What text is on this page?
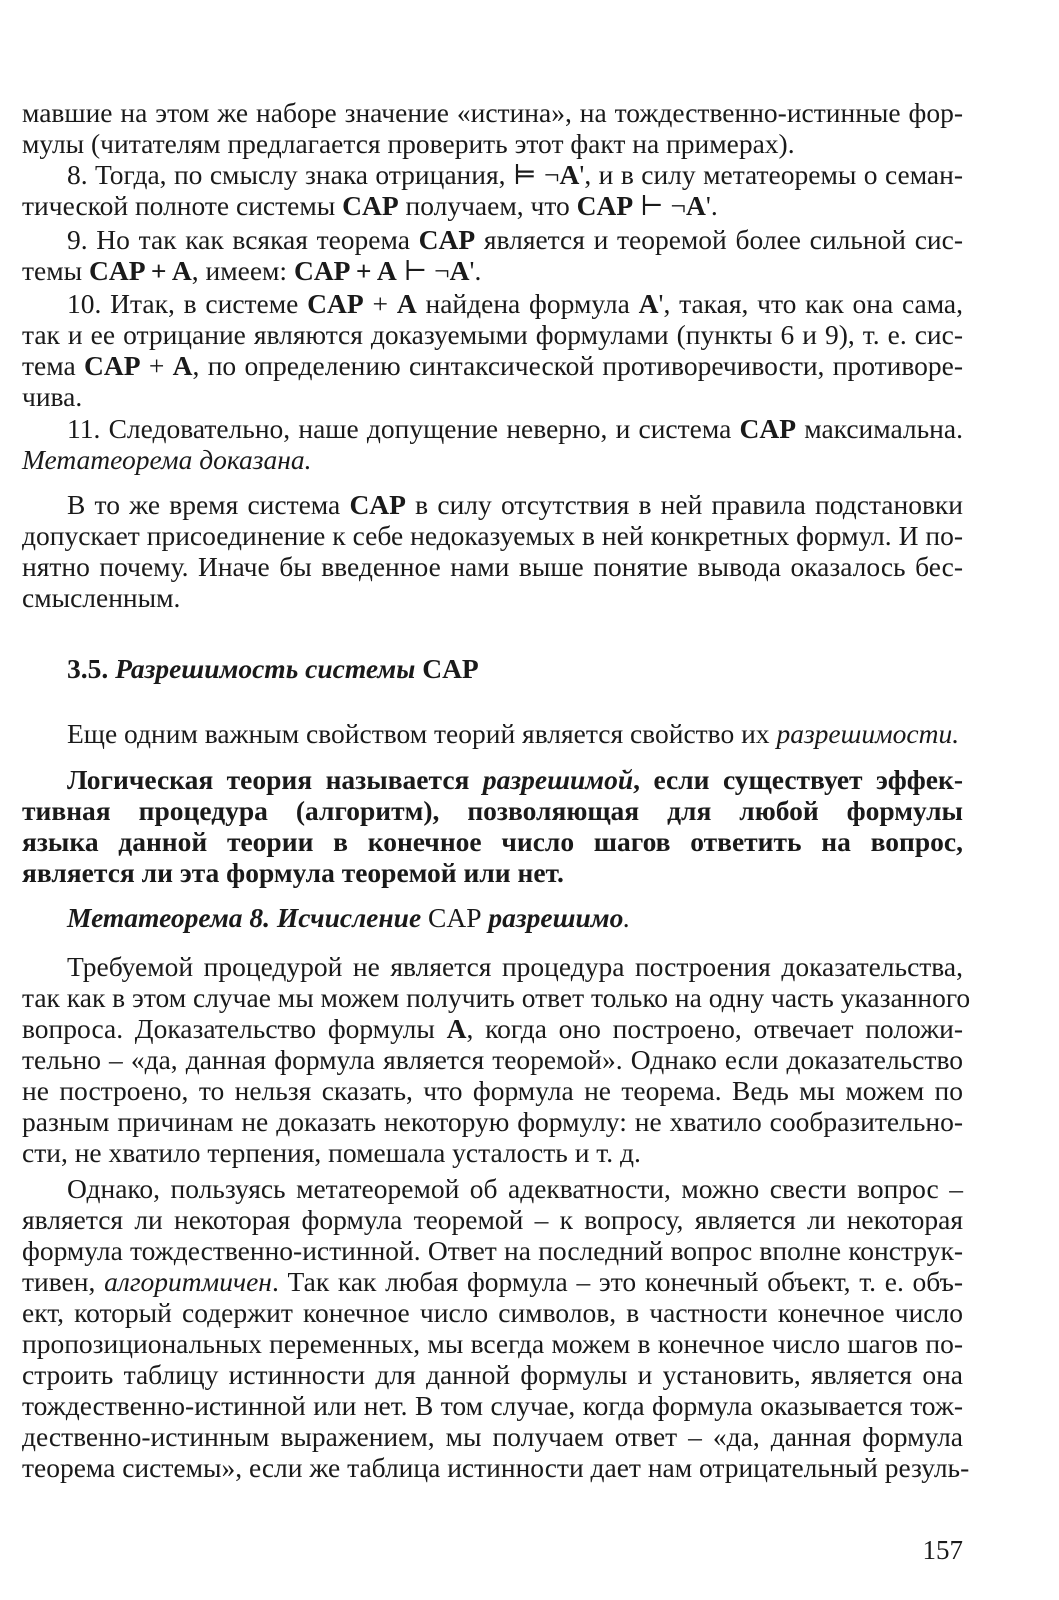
мавшие на этом же наборе значение «истина», на тождественно-истинные фор-
мулы (читателям предлагается проверить этот факт на примерах).
8. Тогда, по смыслу знака отрицания, ⊨ ¬A', и в силу метатеоремы о семан-
тической полноте системы CAP получаем, что CAP ⊢ ¬A'.
9. Но так как всякая теорема CAP является и теоремой более сильной сис-
темы CAP + A, имеем: CAP + A ⊢ ¬A'.
10. Итак, в системе CAP + A найдена формула A', такая, что как она сама,
так и ее отрицание являются доказуемыми формулами (пункты 6 и 9), т. е. сис-
тема CAP + A, по определению синтаксической противоречивости, противоре-
чива.
11. Следовательно, наше допущение неверно, и система CAP максимальна.
Метатеорема доказана.
В то же время система CAP в силу отсутствия в ней правила подстановки
допускает присоединение к себе недоказуемых в ней конкретных формул. И по-
нятно почему. Иначе бы введенное нами выше понятие вывода оказалось бес-
смысленным.
3.5. Разрешимость системы CAP
Еще одним важным свойством теорий является свойство их разрешимости.
Логическая теория называется разрешимой, если существует эффек-
тивная процедура (алгоритм), позволяющая для любой формулы
языка данной теории в конечное число шагов ответить на вопрос,
является ли эта формула теоремой или нет.
Метатеорема 8. Исчисление CAP разрешимо.
Требуемой процедурой не является процедура построения доказательства,
так как в этом случае мы можем получить ответ только на одну часть указанного
вопроса. Доказательство формулы A, когда оно построено, отвечает положи-
тельно – «да, данная формула является теоремой». Однако если доказательство
не построено, то нельзя сказать, что формула не теорема. Ведь мы можем по
разным причинам не доказать некоторую формулу: не хватило сообразительно-
сти, не хватило терпения, помешала усталость и т. д.
Однако, пользуясь метатеоремой об адекватности, можно свести вопрос –
является ли некоторая формула теоремой – к вопросу, является ли некоторая
формула тождественно-истинной. Ответ на последний вопрос вполне конструк-
тивен, алгоритмичен. Так как любая формула – это конечный объект, т. е. объ-
ект, который содержит конечное число символов, в частности конечное число
пропозициональных переменных, мы всегда можем в конечное число шагов по-
строить таблицу истинности для данной формулы и установить, является она
тождественно-истинной или нет. В том случае, когда формула оказывается тож-
дественно-истинным выражением, мы получаем ответ – «да, данная формула
теорема системы», если же таблица истинности дает нам отрицательный резуль-
157
